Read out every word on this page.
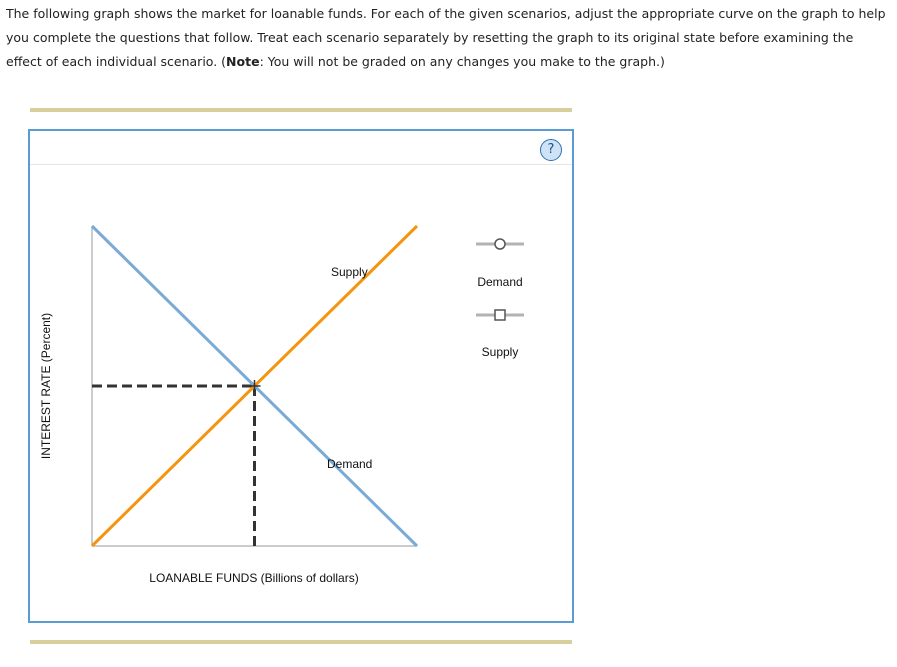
The following graph shows the market for loanable funds. For each of the given scenarios, adjust the appropriate curve on the graph to help you complete the questions that follow. Treat each scenario separately by resetting the graph to its original state before examining the effect of each individual scenario. (Note: You will not be graded on any changes you make to the graph.)
?
Supply
Demand
LOANABLE FUNDS (Billions of dollars)
INTEREST RATE (Percent)
Demand
Supply
